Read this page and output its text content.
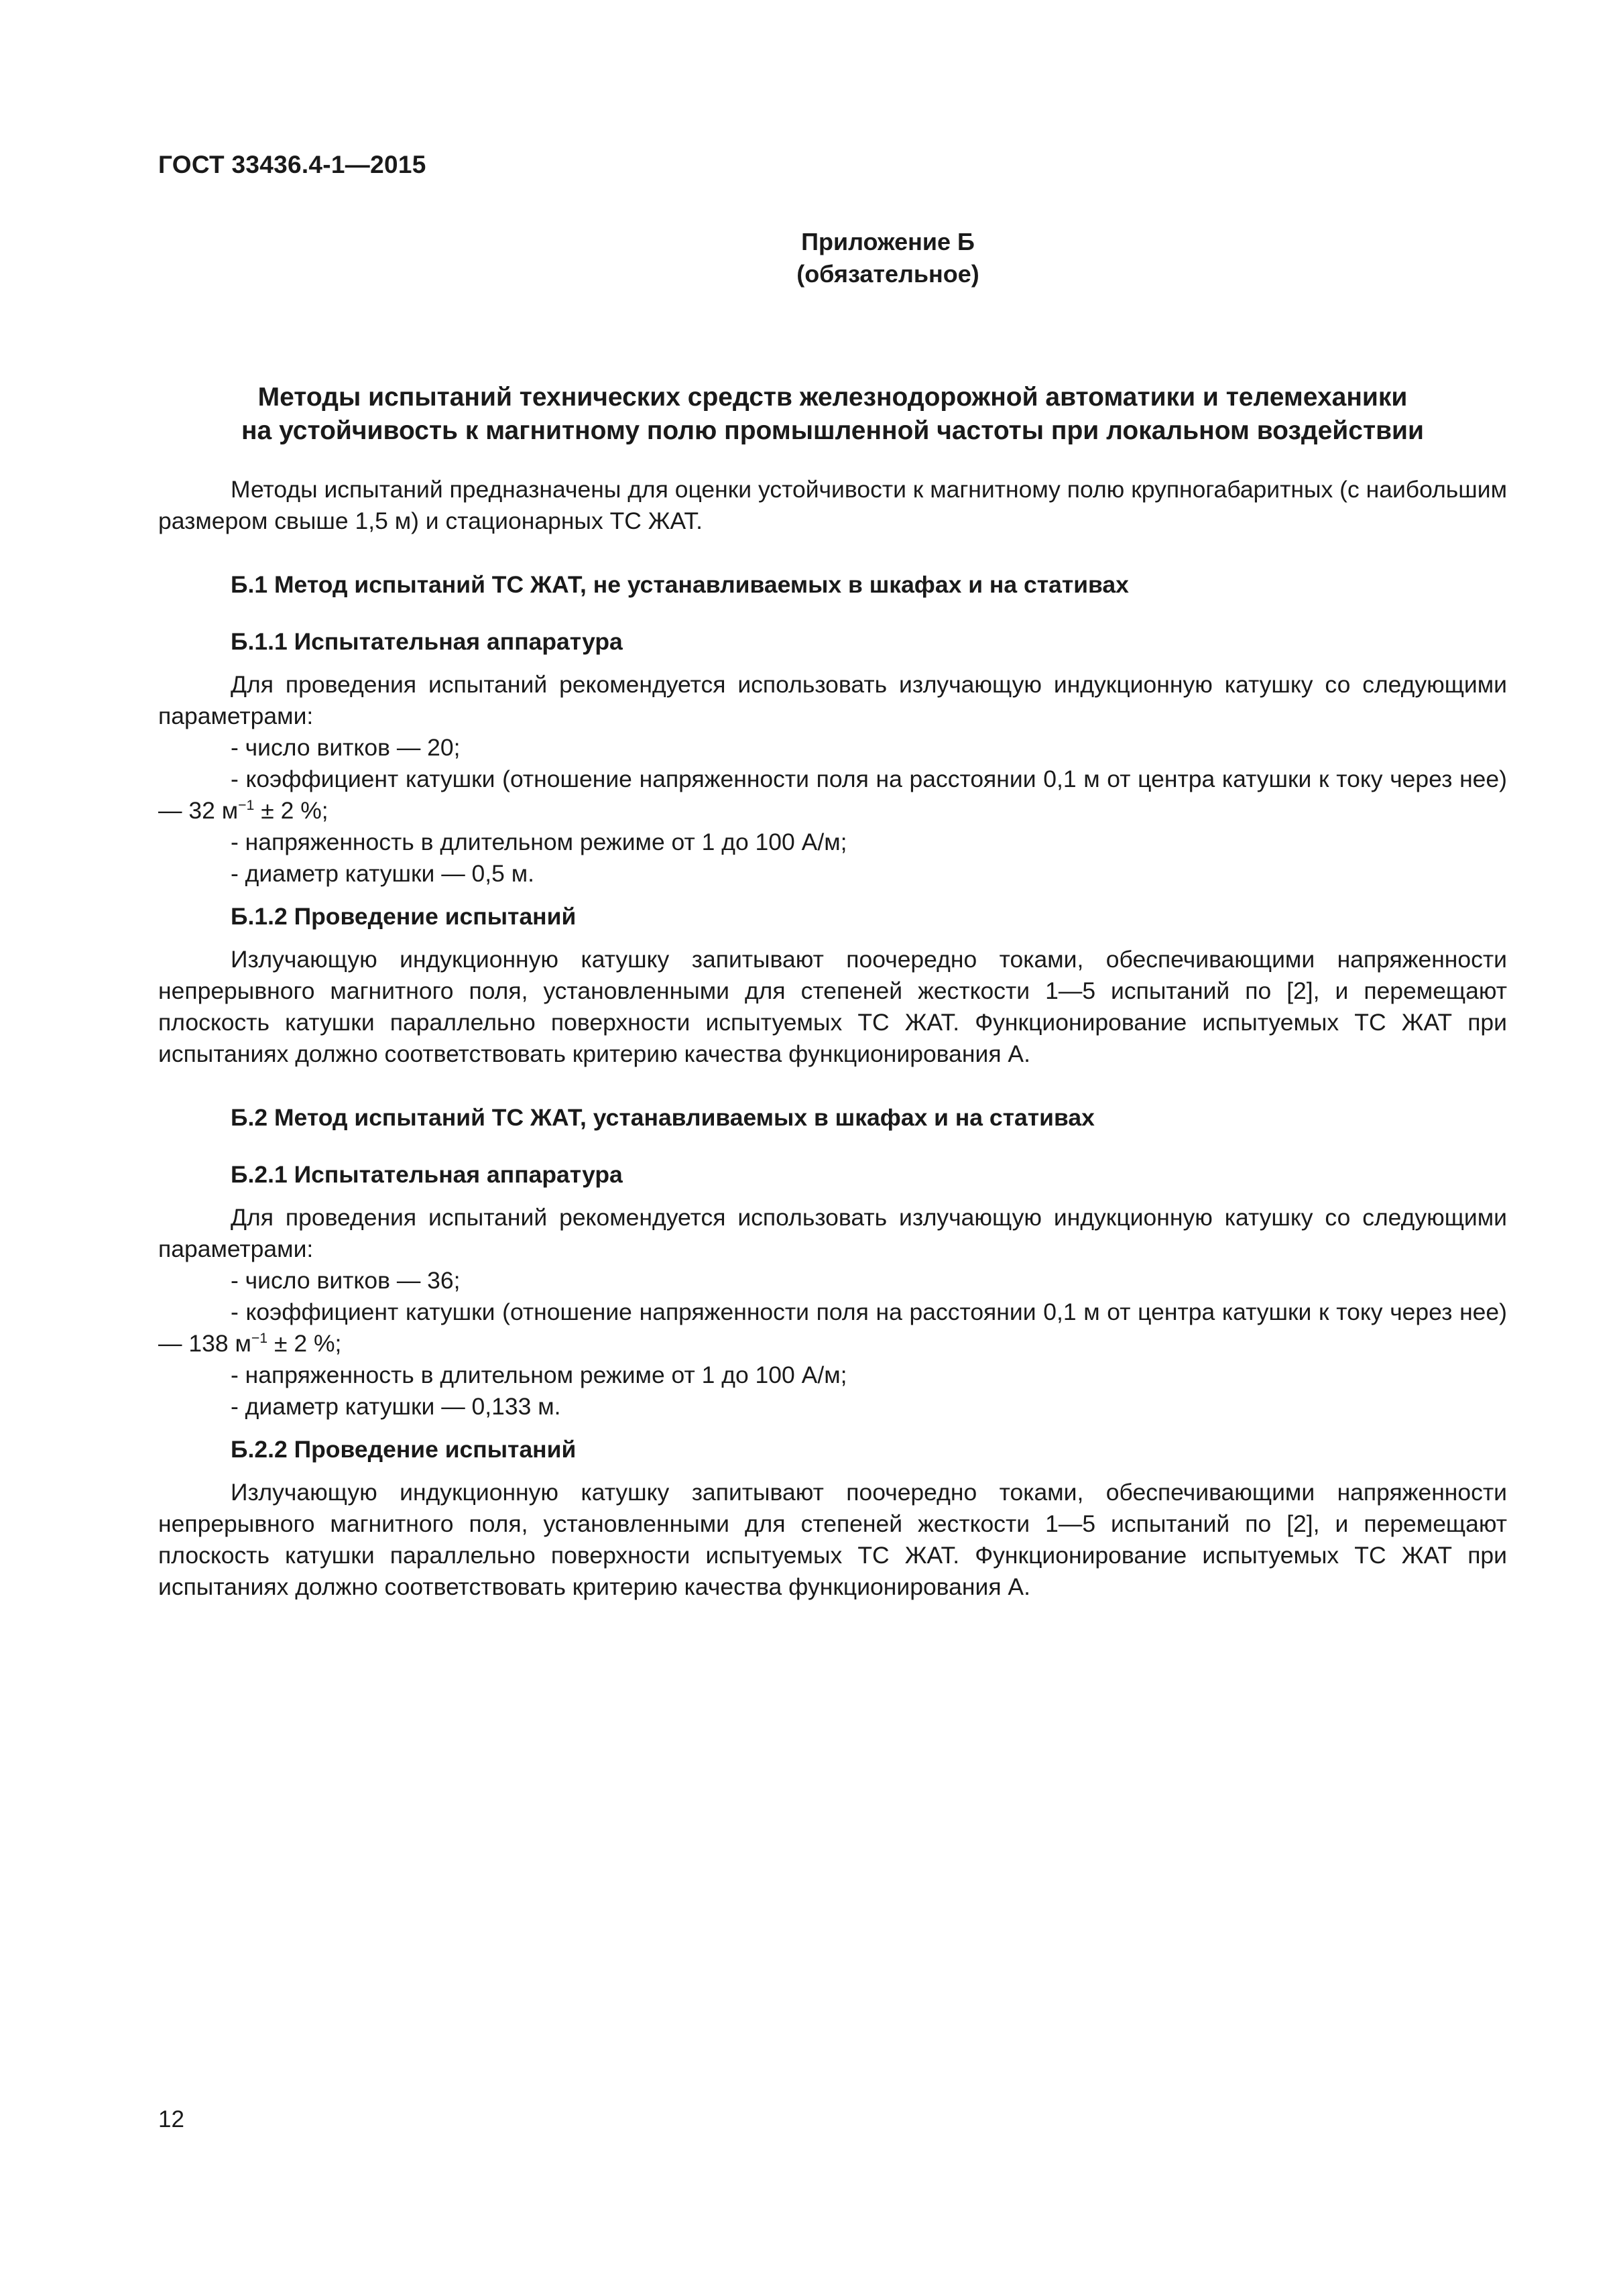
ГОСТ 33436.4-1—2015
Приложение Б
(обязательное)
Методы испытаний технических средств железнодорожной автоматики и телемеханики
на устойчивость к магнитному полю промышленной частоты при локальном воздействии

Методы испытаний предназначены для оценки устойчивости к магнитному полю крупногабаритных (с наибольшим размером свыше 1,5 м) и стационарных ТС ЖАТ.

Б.1 Метод испытаний ТС ЖАТ, не устанавливаемых в шкафах и на стативах

Б.1.1 Испытательная аппаратура

Для проведения испытаний рекомендуется использовать излучающую индукционную катушку со следующими параметрами:

- число витков — 20;

- коэффициент катушки (отношение напряженности поля на расстоянии 0,1 м от центра катушки к току через нее) — 32 $м^{-1} \pm 2$ %;

- напряженность в длительном режиме от 1 до 100 А/м;

- диаметр катушки — 0,5 м.

Б.1.2 Проведение испытаний

Излучающую индукционную катушку запитывают поочередно токами, обеспечивающими напряженности непрерывного магнитного поля, установленными для степеней жесткости 1—5 испытаний по [2], и перемещают плоскость катушки параллельно поверхности испытуемых ТС ЖАТ. Функционирование испытуемых ТС ЖАТ при испытаниях должно соответствовать критерию качества функционирования А.

Б.2 Метод испытаний ТС ЖАТ, устанавливаемых в шкафах и на стативах

Б.2.1 Испытательная аппаратура

Для проведения испытаний рекомендуется использовать излучающую индукционную катушку со следующими параметрами:

- число витков — 36;

- коэффициент катушки (отношение напряженности поля на расстоянии 0,1 м от центра катушки к току через нее) — 138 $м^{-1} \pm 2$ %;

- напряженность в длительном режиме от 1 до 100 А/м;

- диаметр катушки — 0,133 м.

Б.2.2 Проведение испытаний

Излучающую индукционную катушку запитывают поочередно токами, обеспечивающими напряженности непрерывного магнитного поля, установленными для степеней жесткости 1—5 испытаний по [2], и перемещают плоскость катушки параллельно поверхности испытуемых ТС ЖАТ. Функционирование испытуемых ТС ЖАТ при испытаниях должно соответствовать критерию качества функционирования А.

12
